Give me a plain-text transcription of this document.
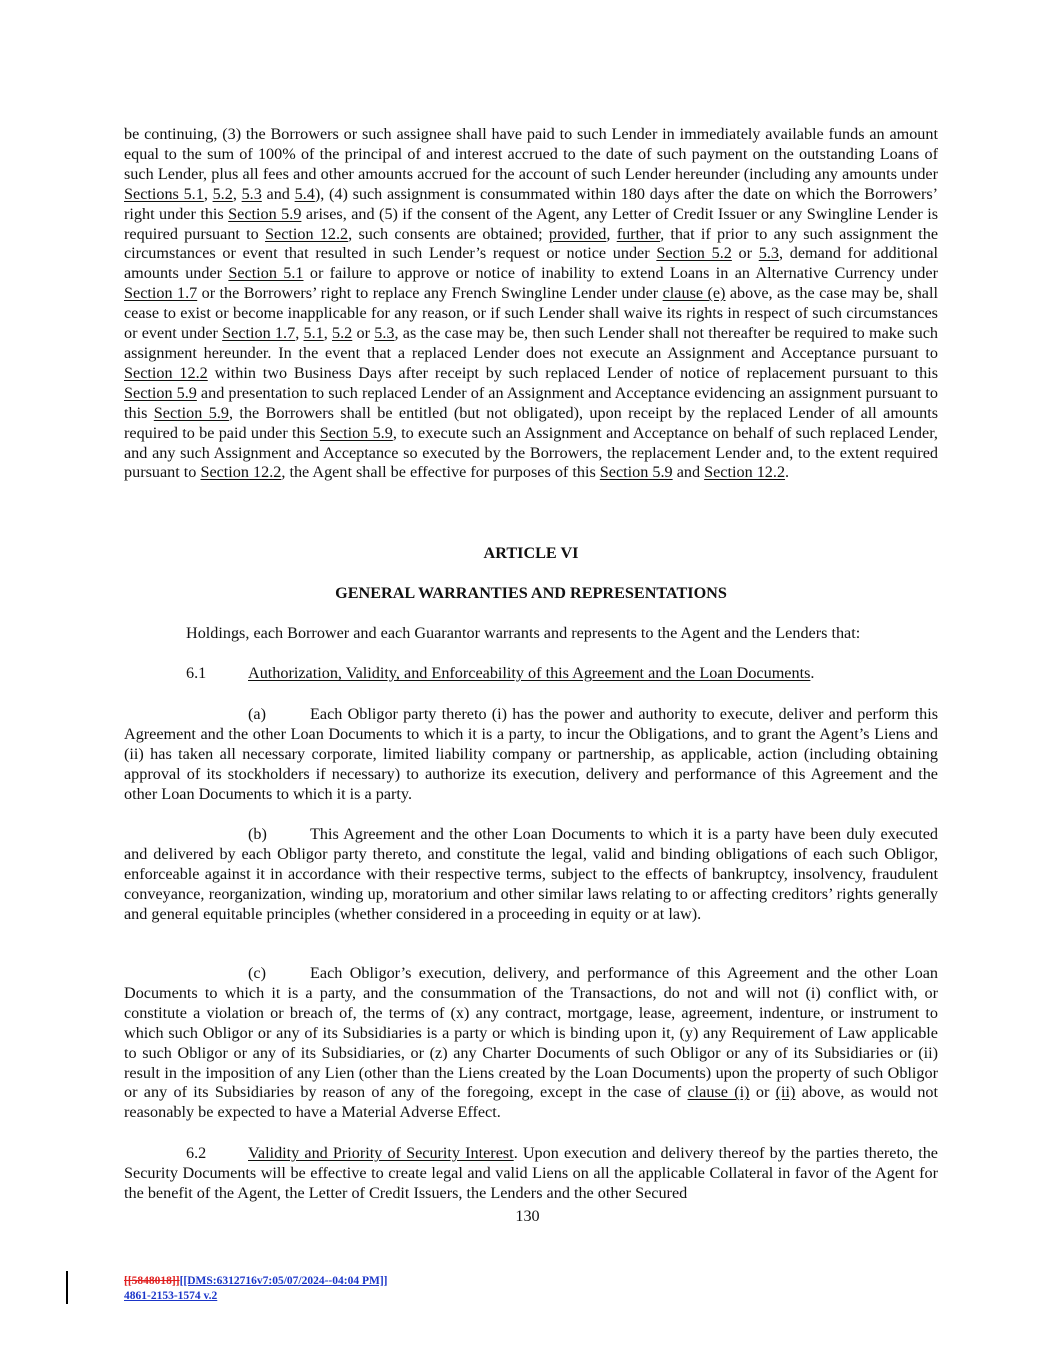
be continuing, (3) the Borrowers or such assignee shall have paid to such Lender in immediately available funds an amount equal to the sum of 100% of the principal of and interest accrued to the date of such payment on the outstanding Loans of such Lender, plus all fees and other amounts accrued for the account of such Lender hereunder (including any amounts under Sections 5.1, 5.2, 5.3 and 5.4), (4) such assignment is consummated within 180 days after the date on which the Borrowers’ right under this Section 5.9 arises, and (5) if the consent of the Agent, any Letter of Credit Issuer or any Swingline Lender is required pursuant to Section 12.2, such consents are obtained; provided, further, that if prior to any such assignment the circumstances or event that resulted in such Lender’s request or notice under Section 5.2 or 5.3, demand for additional amounts under Section 5.1 or failure to approve or notice of inability to extend Loans in an Alternative Currency under Section 1.7 or the Borrowers’ right to replace any French Swingline Lender under clause (e) above, as the case may be, shall cease to exist or become inapplicable for any reason, or if such Lender shall waive its rights in respect of such circumstances or event under Section 1.7, 5.1, 5.2 or 5.3, as the case may be, then such Lender shall not thereafter be required to make such assignment hereunder. In the event that a replaced Lender does not execute an Assignment and Acceptance pursuant to Section 12.2 within two Business Days after receipt by such replaced Lender of notice of replacement pursuant to this Section 5.9 and presentation to such replaced Lender of an Assignment and Acceptance evidencing an assignment pursuant to this Section 5.9, the Borrowers shall be entitled (but not obligated), upon receipt by the replaced Lender of all amounts required to be paid under this Section 5.9, to execute such an Assignment and Acceptance on behalf of such replaced Lender, and any such Assignment and Acceptance so executed by the Borrowers, the replacement Lender and, to the extent required pursuant to Section 12.2, the Agent shall be effective for purposes of this Section 5.9 and Section 12.2.

ARTICLE VI

GENERAL WARRANTIES AND REPRESENTATIONS

Holdings, each Borrower and each Guarantor warrants and represents to the Agent and the Lenders that:

6.1	Authorization, Validity, and Enforceability of this Agreement and the Loan Documents.

(a)	Each Obligor party thereto (i) has the power and authority to execute, deliver and perform this Agreement and the other Loan Documents to which it is a party, to incur the Obligations, and to grant the Agent’s Liens and (ii) has taken all necessary corporate, limited liability company or partnership, as applicable, action (including obtaining approval of its stockholders if necessary) to authorize its execution, delivery and performance of this Agreement and the other Loan Documents to which it is a party.

(b)	This Agreement and the other Loan Documents to which it is a party have been duly executed and delivered by each Obligor party thereto, and constitute the legal, valid and binding obligations of each such Obligor, enforceable against it in accordance with their respective terms, subject to the effects of bankruptcy, insolvency, fraudulent conveyance, reorganization, winding up, moratorium and other similar laws relating to or affecting creditors’ rights generally and general equitable principles (whether considered in a proceeding in equity or at law).

(c)	Each Obligor’s execution, delivery, and performance of this Agreement and the other Loan Documents to which it is a party, and the consummation of the Transactions, do not and will not (i) conflict with, or constitute a violation or breach of, the terms of (x) any contract, mortgage, lease, agreement, indenture, or instrument to which such Obligor or any of its Subsidiaries is a party or which is binding upon it, (y) any Requirement of Law applicable to such Obligor or any of its Subsidiaries, or (z) any Charter Documents of such Obligor or any of its Subsidiaries or (ii) result in the imposition of any Lien (other than the Liens created by the Loan Documents) upon the property of such Obligor or any of its Subsidiaries by reason of any of the foregoing, except in the case of clause (i) or (ii) above, as would not reasonably be expected to have a Material Adverse Effect.

6.2	Validity and Priority of Security Interest. Upon execution and delivery thereof by the parties thereto, the Security Documents will be effective to create legal and valid Liens on all the applicable Collateral in favor of the Agent for the benefit of the Agent, the Letter of Credit Issuers, the Lenders and the other Secured

130

[[5848018]][[DMS:6312716v7:05/07/2024--04:04 PM]]
4861-2153-1574 v.2
